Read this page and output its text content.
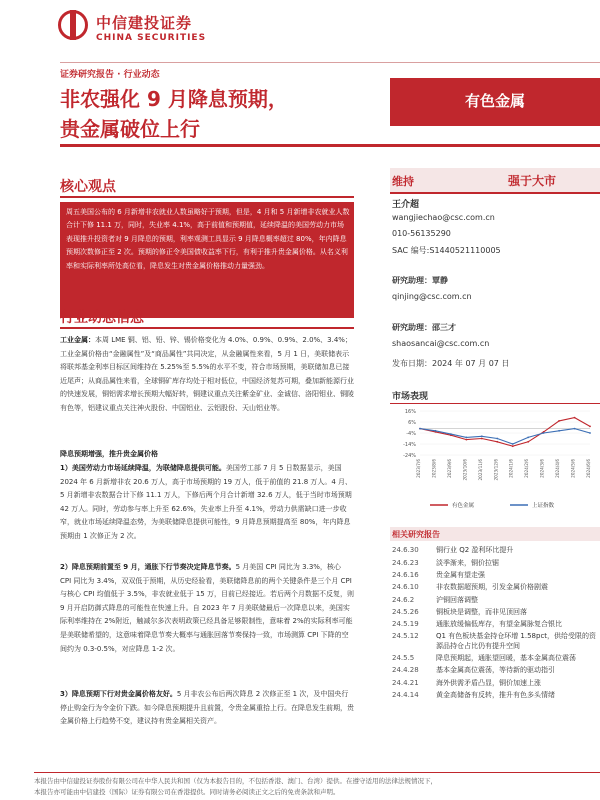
中信建投证券
CHINA SECURITIES
证券研究报告 · 行业动态
非农强化 9 月降息预期，
贵金属破位上行
有色金属
核心观点
周五美国公布的 6 月新增非农就业人数虽略好于预期，但是，4 月和 5 月新增非农就业人数合计下修 11.1 万，同时，失业率 4.1%，高于前值和预期值，延续降温的美国劳动力市场表现推升投资者对 9 月降息的预期，利率观测工具显示 9 月降息概率超过 80%，年内降息预期次数修正至 2 次。预期的修正令美国债收益率下行，有利于推升贵金属价格。从名义利率和实际利率所处高位看，降息发生对贵金属价格推动力量强劲。
行业动态信息
工业金属：本周 LME 铜、铝、铅、锌、锡价格变化为 4.0%、0.9%、0.9%、2.0%、3.4%；工业金属价格由“金融属性”及“商品属性”共同决定，从金融属性来看，5 月 1 日，美联储表示将联邦基金利率目标区间维持在 5.25%至 5.5%的水平不变，符合市场预期，美联储加息已接近尾声；从商品属性来看，全球铜矿库存均处于相对低位，中国经济复苏可期，叠加新能源行业的快速发展，铜铝需求增长预期大幅好转，铜建议重点关注紫金矿业、金诚信、洛阳钼业、铜陵有色等，铝建议重点关注神火股份、中国铝业、云铝股份、天山铝业等。
降息预期增强，推升贵金属价格
1）美国劳动力市场延续降温，为联储降息提供可能。美国劳工部 7 月 5 日数据显示，美国 2024 年 6 月新增非农 20.6 万人，高于市场预期的 19 万人，低于前值的 21.8 万人。4 月、5 月新增非农数据合计下修 11.1 万人，下修后两个月合计新增 32.6 万人，低于当时市场预期 42 万人。同时，劳动参与率上升至 62.6%，失业率上升至 4.1%，劳动力供需缺口进一步收窄，就业市场延续降温态势，为美联储降息提供可能性，9 月降息预期提高至 80%，年内降息预期由 1 次修正为 2 次。
2）降息预期前置至 9 月，通胀下行节奏决定降息节奏。5 月美国 CPI 同比为 3.3%，核心 CPI 同比为 3.4%，双双低于预期，从历史经验看，美联储降息前的两个关键条件是三个月 CPI 与核心 CPI 均值低于 3.5%，非农就业低于 15 万，目前已经接近。若后两个月数据不反复，则 9 月开启防御式降息的可能性在快速上升。自 2023 年 7 月美联储最后一次降息以来，美国实际利率维持在 2%附近，触减尔多次表明政策已经具备足够限制性，意味着 2%的实际利率可能是美联储希望的，这意味着降息节奏大概率与通胀回落节奏保持一致，市场测算 CPI 下降的空间约为 0.3-0.5%，对应降息 1-2 次。
3）降息预期下行对贵金属价格友好。5 月非农公布后两次降息 2 次修正至 1 次，及中国央行停止购金行为令金价下跌。如今降息预期提升且前置，令贵金属重拾上行。在降息发生前期，贵金属价格上行趋势不变，建议持有贵金属相关资产。
维持	强于大市
王介超
wangjiechao@csc.com.cn
010-56135290
SAC 编号:S1440521110005
研究助理：覃静
qinjing@csc.com.cn
研究助理：邵三才
shaosancai@csc.com.cn
发布日期：2024 年 07 月 07 日
市场表现
16%
6%
-4%
-14%
-24%
2023/7/6 2023/8/6 2023/9/6 2023/10/6 2023/11/6 2023/12/6 2024/1/6 2024/2/6 2024/3/6 2024/4/6 2024/5/6 2024/6/6
有色金属	上证指数
相关研究报告
24.6.30	铜行业 Q2 盈利环比提升
24.6.23	淡季渐来，铜价拉锯
24.6.16	贵金属有望走强
24.6.10	非农数据超预期，引发金属价格剧震
24.6.2	沪铜回落调整
24.5.26	铜板块是调整，而非见顶回落
24.5.19	通胀放缓偏低库存，有望金属脉复合银比
24.5.12	Q1 有色板块基金持仓环增 1.58pct，供给受限的资源品持仓占比仍有提升空间
24.5.5	降息预期起，通胀望回暖，基本金属高位震荡
24.4.28	基本金属高位震荡，等待新的驱动指引
24.4.21	海外供需矛盾凸显，铜价加速上涨
24.4.14	黄金高储备有反转，推升有色多头情绪
本报告由中信建投证券股份有限公司在中华人民共和国（仅为本报告目的，不包括香港、澳门、台湾）提供。在遵守适用的法律法规情况下，
本报告亦可能由中信建投（国际）证券有限公司在香港提供。同时请务必阅读正文之后的免责条款和声明。
